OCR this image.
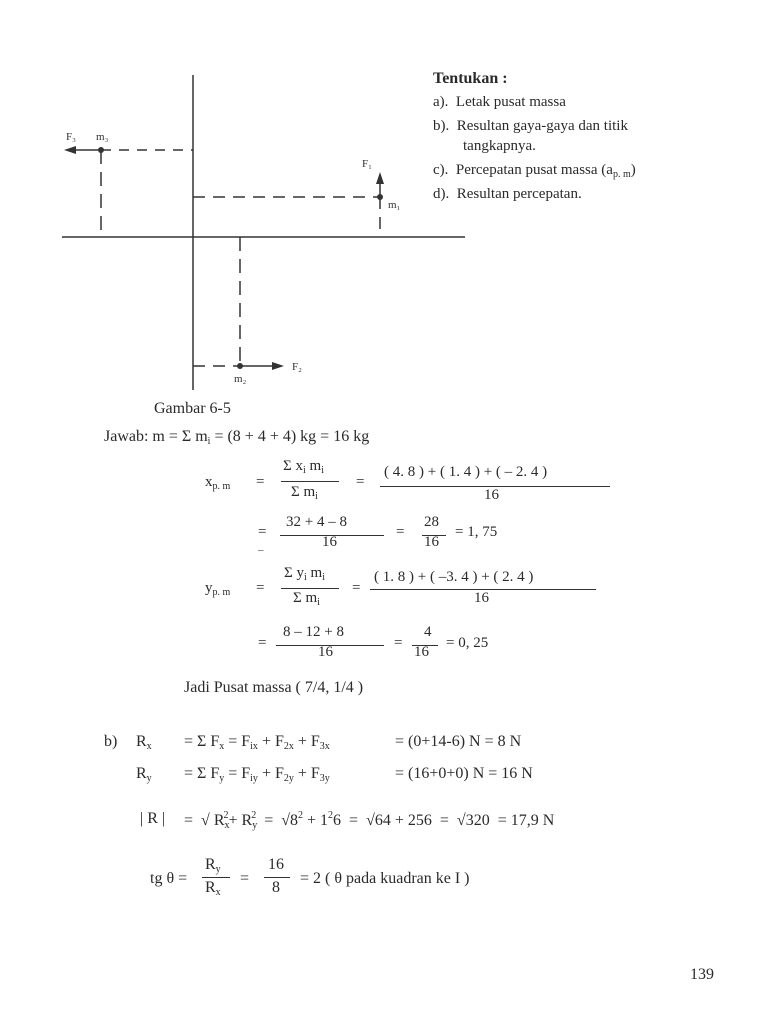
F₃ m₃
F₁
m₁
F₂
m₂
Gambar 6-5
Tentukan :
a). Letak pusat massa
b). Resultan gaya-gaya dan titik
tangkapnya.
c). Percepatan pusat massa $(a_{p. m})$
d). Resultan percepatan.
Jawab: m = Σ $m_i = (8 + 4 + 4)$ kg = 16 kg
$x_{p. m}$ =
Σ $x_i$ $m_i$
Σ $m_i$
=
( 4. 8 ) + ( 1. 4 ) + ( – 2. 4 )
16
=
32 + 4 – 8
16
=
28
16
= 1, 75
–
$y_{p. m}$ =
Σ $y_i$ $m_i$
Σ $m_i$
=
( 1. 8 ) + ( –3. 4 ) + ( 2. 4 )
16
=
8 – 12 + 8
16
=
4
16
= 0, 25
Jadi Pusat massa ( 7/4, 1/4 )
b) $R_x = \Sigma$ $F_x = F_{ix} + F_{2x} + F_{3x}$	= (0+14-6) N = 8 N
$R_y = \Sigma$ $F_y = F_{iy} + F_{2y} + F_{3y}$	= (16+0+0) N = 16 N
| R | =  √ $R_x^2+ R_y^2 = √8^2 + 1^26 = √64 + 256 = √320 = 17,9$ N
tg θ =
$R_y$
$R_x$
=
16
8
= 2 ( θ pada kuadran ke I )
139
